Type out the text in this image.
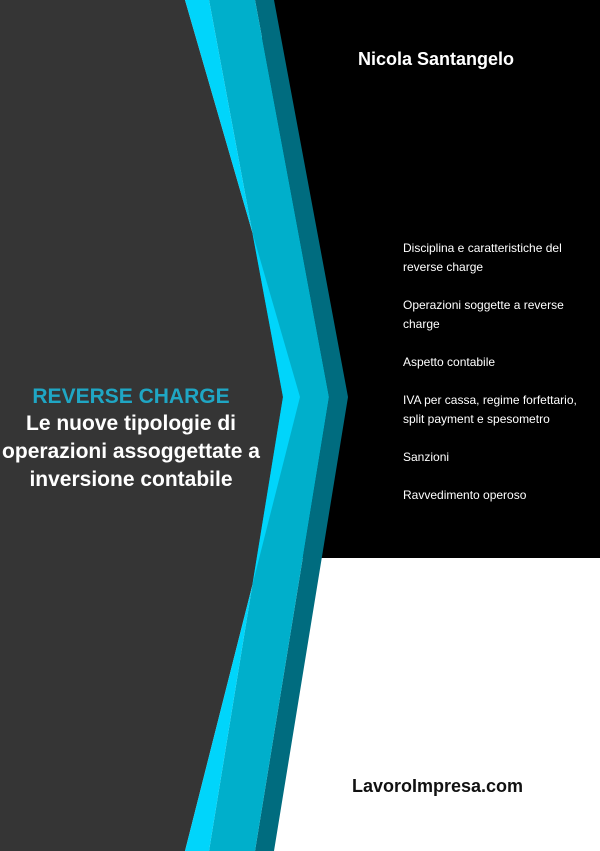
Nicola Santangelo
Disciplina e caratteristiche del reverse charge
Operazioni soggette a reverse charge
Aspetto contabile
IVA per cassa, regime forfettario, split payment e spesometro
Sanzioni
Ravvedimento operoso
REVERSE CHARGE
Le nuove tipologie di operazioni assoggettate a inversione contabile
LavoroImpresa.com
